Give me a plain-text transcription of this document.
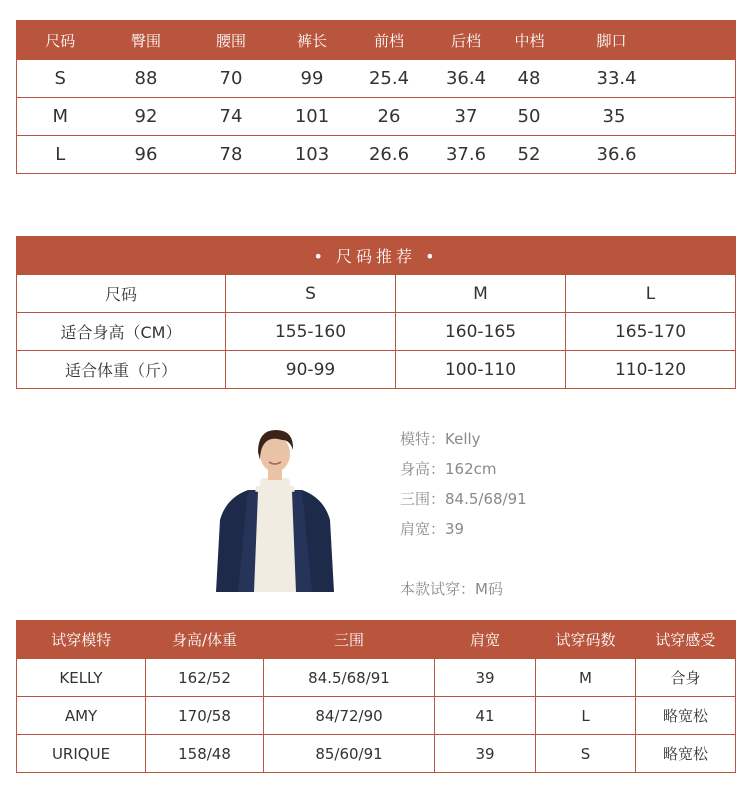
尺码	臀围	腰围	裤长	前档	后档	中档	脚口
S	88	70	99	25.4	36.4	48	33.4
M	92	74	101	26	37	50	35
L	96	78	103	26.6	37.6	52	36.6
• 尺码推荐 •			
尺码	S	M	L
适合身高（CM）	155-160	160-165	165-170
适合体重（斤）	90-99	100-110	110-120
模特：Kelly
身高：162cm
三围：84.5/68/91
肩宽：39
本款试穿：M码
试穿模特	身高/体重	三围	肩宽	试穿码数	试穿感受
KELLY	162/52	84.5/68/91	39	M	合身
AMY	170/58	84/72/90	41	L	略宽松
URIQUE	158/48	85/60/91	39	S	略宽松
